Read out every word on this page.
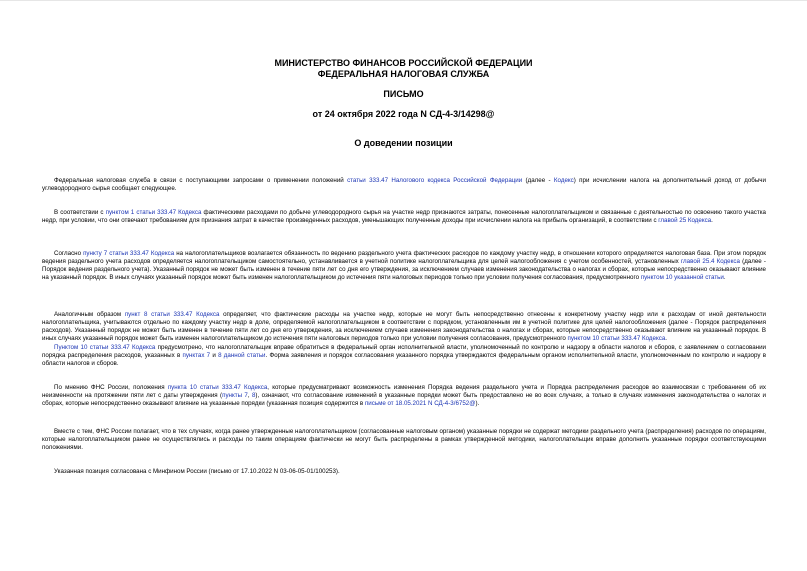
МИНИСТЕРСТВО ФИНАНСОВ РОССИЙСКОЙ ФЕДЕРАЦИИ
ФЕДЕРАЛЬНАЯ НАЛОГОВАЯ СЛУЖБА
ПИСЬМО
от 24 октября 2022 года N СД-4-3/14298@
О доведении позиции
Федеральная налоговая служба в связи с поступающими запросами о применении положений статьи 333.47 Налогового кодекса Российской Федерации (далее - Кодекс) при исчислении налога на дополнительный доход от добычи углеводородного сырья сообщает следующее.
В соответствии с пунктом 1 статьи 333.47 Кодекса фактическими расходами по добыче углеводородного сырья на участке недр признаются затраты, понесенные налогоплательщиком и связанные с деятельностью по освоению такого участка недр, при условии, что они отвечают требованиям для признания затрат в качестве произведенных расходов, уменьшающих полученные доходы при исчислении налога на прибыль организаций, в соответствии с главой 25 Кодекса.
Согласно пункту 7 статьи 333.47 Кодекса на налогоплательщиков возлагается обязанность по ведению раздельного учета фактических расходов по каждому участку недр, в отношении которого определяется налоговая база. При этом порядок ведения раздельного учета расходов определяется налогоплательщиком самостоятельно, устанавливается в учетной политике налогоплательщика для целей налогообложения с учетом особенностей, установленных главой 25.4 Кодекса (далее - Порядок ведения раздельного учета). Указанный порядок не может быть изменен в течение пяти лет со дня его утверждения, за исключением случаев изменения законодательства о налогах и сборах, которые непосредственно оказывают влияние на указанный порядок. В иных случаях указанный порядок может быть изменен налогоплательщиком до истечения пяти налоговых периодов только при условии получения согласования, предусмотренного пунктом 10 указанной статьи.
Аналогичным образом пункт 8 статьи 333.47 Кодекса определяет, что фактические расходы на участке недр, которые не могут быть непосредственно отнесены к конкретному участку недр или к расходам от иной деятельности налогоплательщика, учитываются отдельно по каждому участку недр в доле, определяемой налогоплательщиком в соответствии с порядком, установленным им в учетной политике для целей налогообложения (далее - Порядок распределения расходов). Указанный порядок не может быть изменен в течение пяти лет со дня его утверждения, за исключением случаев изменения законодательства о налогах и сборах, которые непосредственно оказывают влияние на указанный порядок. В иных случаях указанный порядок может быть изменен налогоплательщиком до истечения пяти налоговых периодов только при условии получения согласования, предусмотренного пунктом 10 статьи 333.47 Кодекса.
Пунктом 10 статьи 333.47 Кодекса предусмотрено, что налогоплательщик вправе обратиться в федеральный орган исполнительной власти, уполномоченный по контролю и надзору в области налогов и сборов, с заявлением о согласовании порядка распределения расходов, указанных в пунктах 7 и 8 данной статьи. Форма заявления и порядок согласования указанного порядка утверждаются федеральным органом исполнительной власти, уполномоченным по контролю и надзору в области налогов и сборов.
По мнению ФНС России, положения пункта 10 статьи 333.47 Кодекса, которые предусматривают возможность изменения Порядка ведения раздельного учета и Порядка распределения расходов во взаимосвязи с требованием об их неизменности на протяжении пяти лет с даты утверждения (пункты 7, 8), означают, что согласование изменений в указанные порядки может быть предоставлено не во всех случаях, а только в случаях изменения законодательства о налогах и сборах, которые непосредственно оказывают влияние на указанные порядки (указанная позиция содержится в письме от 18.05.2021 N СД-4-3/6752@).
Вместе с тем, ФНС России полагает, что в тех случаях, когда ранее утвержденные налогоплательщиком (согласованные налоговым органом) указанные порядки не содержат методики раздельного учета (распределения) расходов по операциям, которые налогоплательщиком ранее не осуществлялись и расходы по таким операциям фактически не могут быть распределены в рамках утвержденной методики, налогоплательщик вправе дополнить указанные порядки соответствующими положениями.
Указанная позиция согласована с Минфином России (письмо от 17.10.2022 N 03-06-05-01/100253).
